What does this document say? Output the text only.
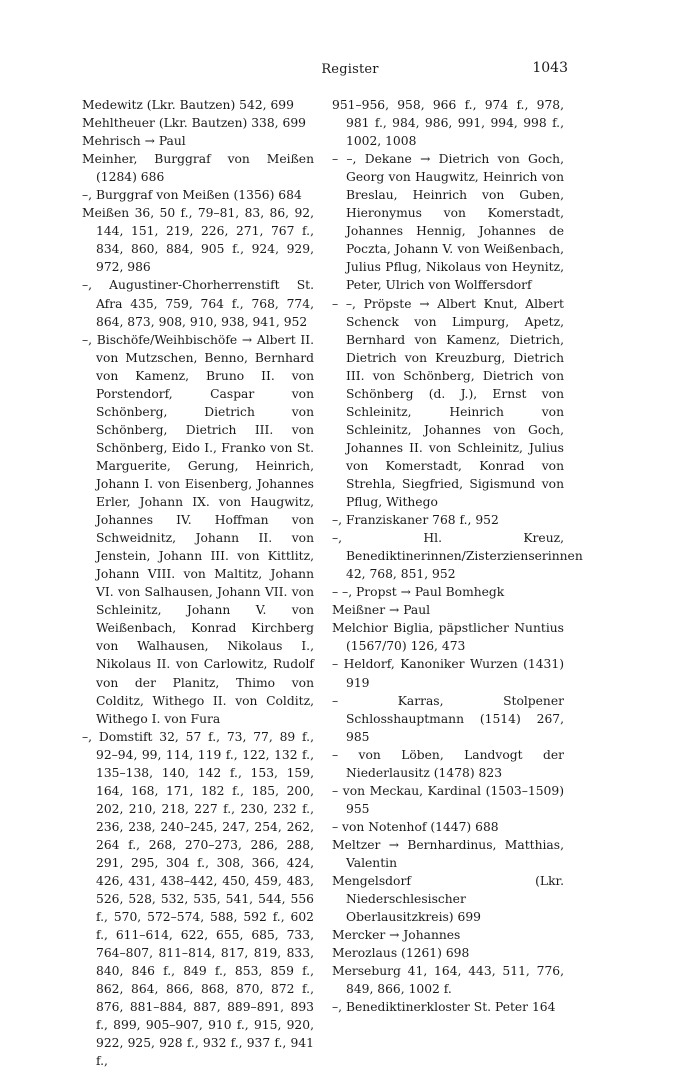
Register	1043
Medewitz (Lkr. Bautzen) 542, 699
Mehltheuer (Lkr. Bautzen) 338, 699
Mehrisch → Paul
Meinher, Burggraf von Meißen (1284) 686
–, Burggraf von Meißen (1356) 684
Meißen 36, 50 f., 79–81, 83, 86, 92, 144, 151, 219, 226, 271, 767 f., 834, 860, 884, 905 f., 924, 929, 972, 986
–, Augustiner-Chorherrenstift St. Afra 435, 759, 764 f., 768, 774, 864, 873, 908, 910, 938, 941, 952
–, Bischöfe/Weihbischöfe → Albert II. von Mutzschen, Benno, Bernhard von Kamenz, Bruno II. von Porstendorf, Caspar von Schönberg, Dietrich von Schönberg, Dietrich III. von Schönberg, Eido I., Franko von St. Marguerite, Gerung, Heinrich, Johann I. von Eisenberg, Johannes Erler, Johann IX. von Haugwitz, Johannes IV. Hoffman von Schweidnitz, Johann II. von Jenstein, Johann III. von Kittlitz, Johann VIII. von Maltitz, Johann VI. von Salhausen, Johann VII. von Schleinitz, Johann V. von Weißenbach, Konrad Kirchberg von Walhausen, Nikolaus I., Nikolaus II. von Carlowitz, Rudolf von der Planitz, Thimo von Colditz, Withego II. von Colditz, Withego I. von Fura
–, Domstift 32, 57 f., 73, 77, 89 f., 92–94, 99, 114, 119 f., 122, 132 f., 135–138, 140, 142 f., 153, 159, 164, 168, 171, 182 f., 185, 200, 202, 210, 218, 227 f., 230, 232 f., 236, 238, 240–245, 247, 254, 262, 264 f., 268, 270–273, 286, 288, 291, 295, 304 f., 308, 366, 424, 426, 431, 438–442, 450, 459, 483, 526, 528, 532, 535, 541, 544, 556 f., 570, 572–574, 588, 592 f., 602 f., 611–614, 622, 655, 685, 733, 764–807, 811–814, 817, 819, 833, 840, 846 f., 849 f., 853, 859 f., 862, 864, 866, 868, 870, 872 f., 876, 881–884, 887, 889–891, 893 f., 899, 905–907, 910 f., 915, 920, 922, 925, 928 f., 932 f., 937 f., 941 f.,
951–956, 958, 966 f., 974 f., 978, 981 f., 984, 986, 991, 994, 998 f., 1002, 1008
– –, Dekane → Dietrich von Goch, Georg von Haugwitz, Heinrich von Breslau, Heinrich von Guben, Hieronymus von Komerstadt, Johannes Hennig, Johannes de Poczta, Johann V. von Weißenbach, Julius Pflug, Nikolaus von Heynitz, Peter, Ulrich von Wolffersdorf
– –, Pröpste → Albert Knut, Albert Schenck von Limpurg, Apetz, Bernhard von Kamenz, Dietrich, Dietrich von Kreuzburg, Dietrich III. von Schönberg, Dietrich von Schönberg (d. J.), Ernst von Schleinitz, Heinrich von Schleinitz, Johannes von Goch, Johannes II. von Schleinitz, Julius von Komerstadt, Konrad von Strehla, Siegfried, Sigismund von Pflug, Withego
–, Franziskaner 768 f., 952
–, Hl. Kreuz, Benediktinerinnen/Zisterzienserinnen 42, 768, 851, 952
– –, Propst → Paul Bomhegk
Meißner → Paul
Melchior Biglia, päpstlicher Nuntius (1567/70) 126, 473
– Heldorf, Kanoniker Wurzen (1431) 919
– Karras, Stolpener Schlosshauptmann (1514) 267, 985
– von Löben, Landvogt der Niederlausitz (1478) 823
– von Meckau, Kardinal (1503–1509) 955
– von Notenhof (1447) 688
Meltzer → Bernhardinus, Matthias, Valentin
Mengelsdorf (Lkr. Niederschlesischer Oberlausitzkreis) 699
Mercker → Johannes
Merozlaus (1261) 698
Merseburg 41, 164, 443, 511, 776, 849, 866, 1002 f.
–, Benediktinerkloster St. Peter 164
